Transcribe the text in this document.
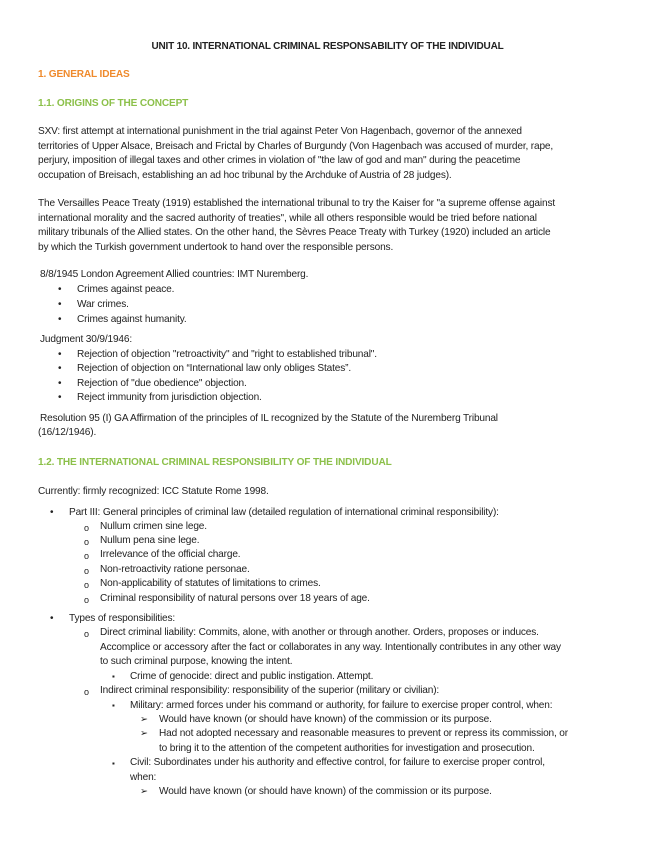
UNIT 10. INTERNATIONAL CRIMINAL RESPONSABILITY OF THE INDIVIDUAL
1. GENERAL IDEAS
1.1. ORIGINS OF THE CONCEPT

SXV: first attempt at international punishment in the trial against Peter Von Hagenbach, governor of the annexed

territories of Upper Alsace, Breisach and Frictal by Charles of Burgundy (Von Hagenbach was accused of murder, rape,

perjury, imposition of illegal taxes and other crimes in violation of "the law of god and man" during the peacetime

occupation of Breisach, establishing an ad hoc tribunal by the Archduke of Austria of 28 judges).

The Versailles Peace Treaty (1919) established the international tribunal to try the Kaiser for "a supreme offense against

international morality and the sacred authority of treaties", while all others responsible would be tried before national

military tribunals of the Allied states. On the other hand, the Sèvres Peace Treaty with Turkey (1920) included an article

by which the Turkish government undertook to hand over the responsible persons.

8/8/1945 London Agreement Allied countries: IMT Nuremberg.
• Crimes against peace.
• War crimes.
• Crimes against humanity.
Judgment 30/9/1946:
• Rejection of objection "retroactivity" and "right to established tribunal".
• Rejection of objection on “International law only obliges States”.
• Rejection of "due obedience" objection.
• Reject immunity from jurisdiction objection.
Resolution 95 (I) GA Affirmation of the principles of IL recognized by the Statute of the Nuremberg Tribunal
(16/12/1946).
1.2. THE INTERNATIONAL CRIMINAL RESPONSIBILITY OF THE INDIVIDUAL
Currently: firmly recognized: ICC Statute Rome 1998.
• Part III: General principles of criminal law (detailed regulation of international criminal responsibility):
o Nullum crimen sine lege.
o Nullum pena sine lege.
o Irrelevance of the official charge.
o Non-retroactivity ratione personae.
o Non-applicability of statutes of limitations to crimes.
o Criminal responsibility of natural persons over 18 years of age.
• Types of responsibilities:
o Direct criminal liability: Commits, alone, with another or through another. Orders, proposes or induces.
Accomplice or accessory after the fact or collaborates in any way. Intentionally contributes in any other way
to such criminal purpose, knowing the intent.
▪ Crime of genocide: direct and public instigation. Attempt.
o Indirect criminal responsibility: responsibility of the superior (military or civilian):
▪ Military: armed forces under his command or authority, for failure to exercise proper control, when:
➢ Would have known (or should have known) of the commission or its purpose.
➢ Had not adopted necessary and reasonable measures to prevent or repress its commission, or
to bring it to the attention of the competent authorities for investigation and prosecution.
▪ Civil: Subordinates under his authority and effective control, for failure to exercise proper control,
when:
➢ Would have known (or should have known) of the commission or its purpose.
